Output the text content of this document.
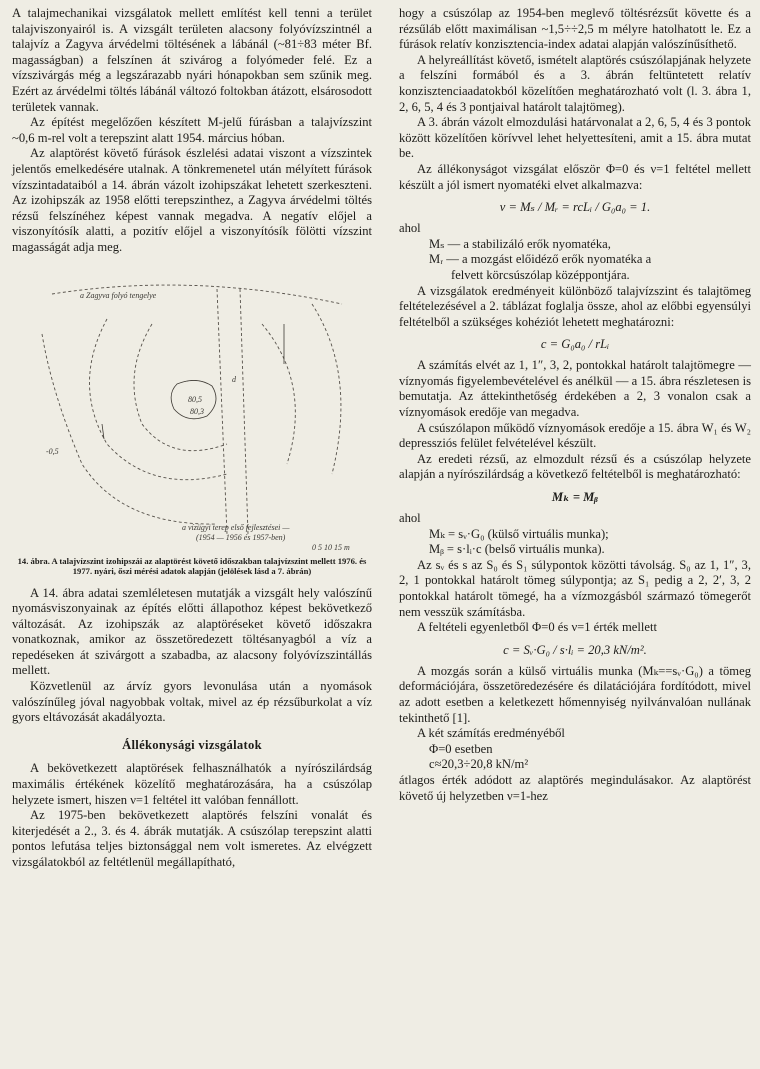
A talajmechanikai vizsgálatok mellett említést kell tenni a terület talajviszonyairól is. A vizsgált területen alacsony folyóvízszintnél a talajvíz a Zagyva árvédelmi töltésének a lábánál (~81÷83 méter Bf. magasságban) a felszínen át szivárog a folyómeder felé. Ez a vízszivárgás még a legszárazabb nyári hónapokban sem szűnik meg. Ezért az árvédelmi töltés lábánál változó foltokban átázott, elsárosodott területek vannak.

Az építést megelőzően készített M-jelű fúrásban a talajvízszint ~0,6 m-rel volt a terepszint alatt 1954. március hóban.

Az alaptörést követő fúrások észlelési adatai viszont a vízszintek jelentős emelkedésére utalnak. A tönkremenetel után mélyített fúrások vízszintadataiból a 14. ábrán vázolt izohipszákat lehetett szerkeszteni. Az izohipszák az 1958 előtti terepszinthez, a Zagyva árvédelmi töltés rézsű felszínéhez képest vannak megadva. A negatív előjel a viszonyítósík alatti, a pozitív előjel a viszonyítósík fölötti vízszint magasságát adja meg.

a Zagyva folyó tengelye
80,5
80,3
d
-0,5
a vízügyi terep első fejlesztései —
(1954 — 1956 és 1957-ben)
0 5 10 15 m

14. ábra. A talajvízszint izohipszái az alaptörést követő időszakban talajvízszint mellett 1976. és 1977. nyári, őszi mérési adatok alapján (jelölések lásd a 7. ábrán)

A 14. ábra adatai szemléletesen mutatják a vizsgált hely valószínű nyomásviszonyainak az építés előtti állapothoz képest bekövetkező változását. Az izohipszák az alaptöréseket követő időszakra vonatkoznak, amikor az összetöredezett töltésanyagból a víz a repedéseken át szivárgott a szabadba, az alacsony folyóvízszintállás mellett.

Közvetlenül az árvíz gyors levonulása után a nyomások valószínűleg jóval nagyobbak voltak, mivel az ép rézsűburkolat a víz gyors eltávozását akadályozta.

Állékonysági vizsgálatok

A bekövetkezett alaptörések felhasználhatók a nyírószilárdság maximális értékének közelítő meghatározására, ha a csúszólap helyzete ismert, hiszen ν=1 feltétel itt valóban fennállott.

Az 1975-ben bekövetkezett alaptörés felszíni vonalát és kiterjedését a 2., 3. és 4. ábrák mutatják. A csúszólap terepszint alatti pontos lefutása teljes biztonsággal nem volt ismeretes. Az elvégzett vizsgálatokból az feltétlenül megállapítható,

hogy a csúszólap az 1954-ben meglevő töltésrézsűt követte és a rézsűláb előtt maximálisan ~1,5÷÷2,5 m mélyre hatolhatott le. Ez a fúrások relatív konzisztencia-index adatai alapján valószínűsíthető.

A helyreállítást követő, ismételt alaptörés csúszólapjának helyzete a felszíni formából és a 3. ábrán feltüntetett relatív konzisztenciaadatokból közelítően meghatározható volt (l. 3. ábra 1, 2, 6, 5, 4 és 3 pontjaival határolt talajtömeg).

A 3. ábrán vázolt elmozdulási határvonalat a 2, 6, 5, 4 és 3 pontok között közelítően körívvel lehet helyettesíteni, amit a 15. ábra mutat be.

Az állékonyságot vizsgálat először Φ=0 és ν=1 feltétel mellett készült a jól ismert nyomatéki elvet alkalmazva:

ν = Mₛ / Mᵣ = rcLᵢ / G₀a₀ = 1.

ahol

Mₛ — a stabilizáló erők nyomatéka,

Mᵣ — a mozgást előidéző erők nyomatéka a

felvett körcsúszólap középpontjára.

A vizsgálatok eredményeit különböző talajvízszint és talajtömeg feltételezésével a 2. táblázat foglalja össze, ahol az előbbi egyensúlyi feltételből a szükséges kohéziót lehetett meghatározni:

c = G₀a₀ / rLᵢ

A számítás elvét az 1, 1″, 3, 2, pontokkal határolt talajtömegre — víznyomás figyelembevételével és anélkül — a 15. ábra részletesen is bemutatja. Az áttekinthetőség érdekében a 2, 3 vonalon csak a víznyomások eredője van megadva.

A csúszólapon működő víznyomások eredője a 15. ábra W₁ és W₂ depressziós felület felvételével készült.

Az eredeti rézsű, az elmozdult rézsű és a csúszólap helyzete alapján a nyírószilárdság a következő feltételből is meghatározható:

Mₖ = Mᵦ

ahol

Mₖ = sᵥ·G₀ (külső virtuális munka);

Mᵦ = s·lᵢ·c (belső virtuális munka).

Az sᵥ és s az S₀ és S₁ súlypontok közötti távolság. S₀ az 1, 1″, 3, 2, 1 pontokkal határolt tömeg súlypontja; az S₁ pedig a 2, 2′, 3, 2 pontokkal határolt tömegé, ha a vízmozgásból származó tömegerőt nem vesszük számításba.

A feltételi egyenletből Φ=0 és ν=1 érték mellett

c = Sᵥ·G₀ / s·lᵢ = 20,3 kN/m².

A mozgás során a külső virtuális munka (Mₖ==sᵥ·G₀) a tömeg deformációjára, összetöredezésére és dilatációjára fordítódott, mivel az adott esetben a keletkezett hőmennyiség nyilvánvalóan nullának tekinthető [1].

A két számítás eredményéből

Φ=0 esetben

c≈20,3÷20,8 kN/m²

átlagos érték adódott az alaptörés megindulásakor. Az alaptörést követő új helyzetben ν=1-hez
